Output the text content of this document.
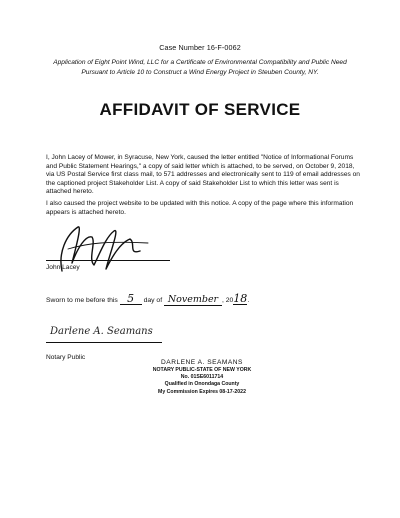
Case Number 16-F-0062
Application of Eight Point Wind, LLC for a Certificate of Environmental Compatibility and Public Need
Pursuant to Article 10 to Construct a Wind Energy Project in Steuben County, NY.
AFFIDAVIT OF SERVICE

I, John Lacey of Mower, in Syracuse, New York, caused the letter entitled "Notice of Informational Forums and Public Statement Hearings," a copy of said letter which is attached, to be served, on October 9, 2018, via US Postal Service first class mail, to 571 addresses and electronically sent to 119 of email addresses on the captioned project Stakeholder List. A copy of said Stakeholder List to which this letter was sent is attached hereto.

I also caused the project website to be updated with this notice. A copy of the page where this information appears is attached hereto.

John Lacey
Sworn to me before this 5 day of November , 2018.
Darlene A. Seamans
Notary Public
DARLENE A. SEAMANS
NOTARY PUBLIC-STATE OF NEW YORK
No. 01SE6011714
Qualified in Onondaga County
My Commission Expires 08-17-2022
